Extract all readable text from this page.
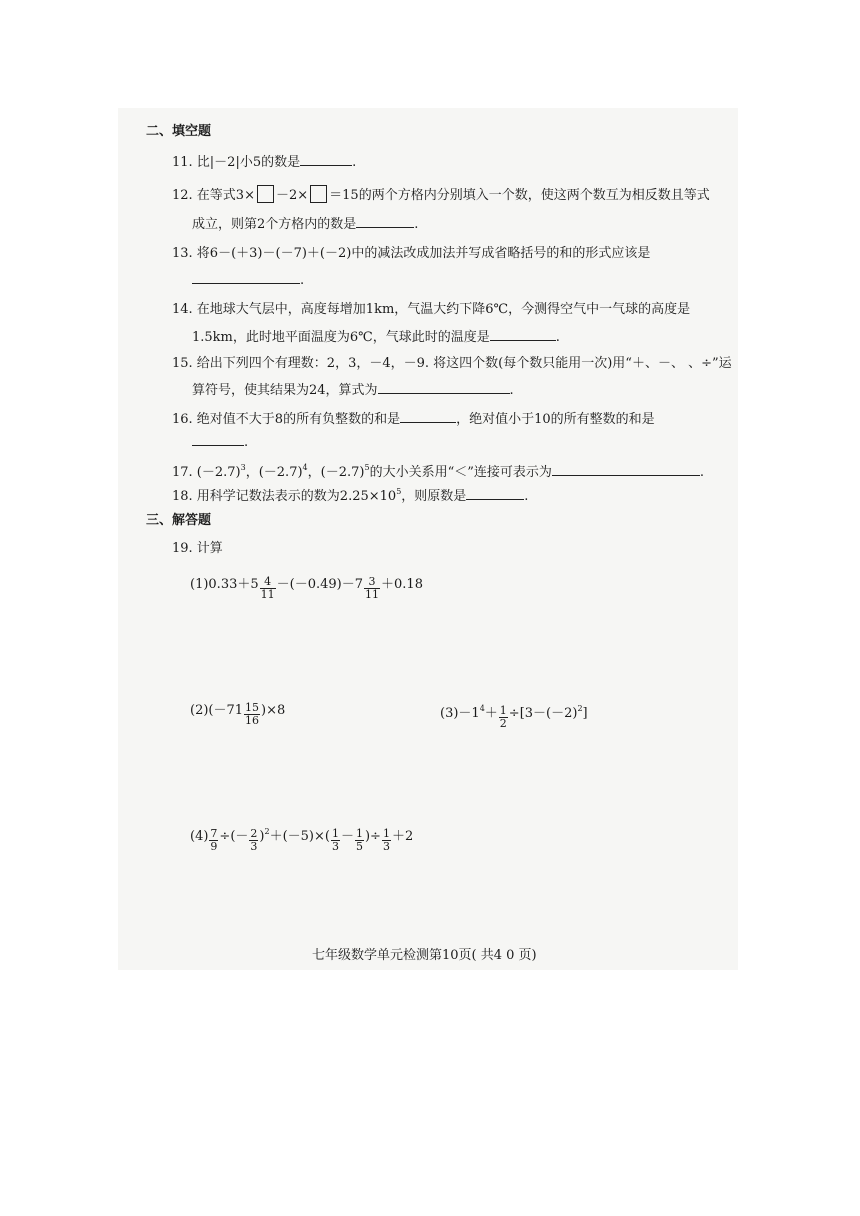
二、填空题
11. 比|－2|小5的数是	.
12. 在等式3× －2× ＝15的两个方格内分别填入一个数，使这两个数互为相反数且等式
成立，则第2个方格内的数是	.
13. 将6－(＋3)－(－7)＋(－2)中的减法改成加法并写成省略括号的和的形式应该是
.
14. 在地球大气层中，高度每增加1km，气温大约下降6℃，今测得空气中一气球的高度是
1.5km，此时地平面温度为6℃，气球此时的温度是	.
15. 给出下列四个有理数：2，3，－4，－9. 将这四个数(每个数只能用一次)用“＋、－、 、÷”运
算符号，使其结果为24，算式为	.
16. 绝对值不大于8的所有负整数的和是	，绝对值小于10的所有整数的和是
.
17. $(-2.7)^3$，$(-2.7)^4$，$(-2.7)^5$的大小关系用“＜”连接可表示为	.
18. 用科学记数法表示的数为$2.25\times 10^5$，则原数是	.
三、解答题
19. 计算
$(1)0.33+5 \frac{4}{11} -(-0.49)-7 \frac{3}{11} +0.18$
$(2)(-71 \frac{15}{16} )\times 8$	$(3)-1^4+ \frac{1}{2} \div[3-(-2)^2]$
$(4) \frac{7}{9}$ ÷(－ $\frac{2}{3} )^2+(-5)\times( \frac{1}{3} - \frac{1}{5}$ )÷ $\frac{1}{3} +2$
七年级数学单元检测第10页( 共4 0 页)
